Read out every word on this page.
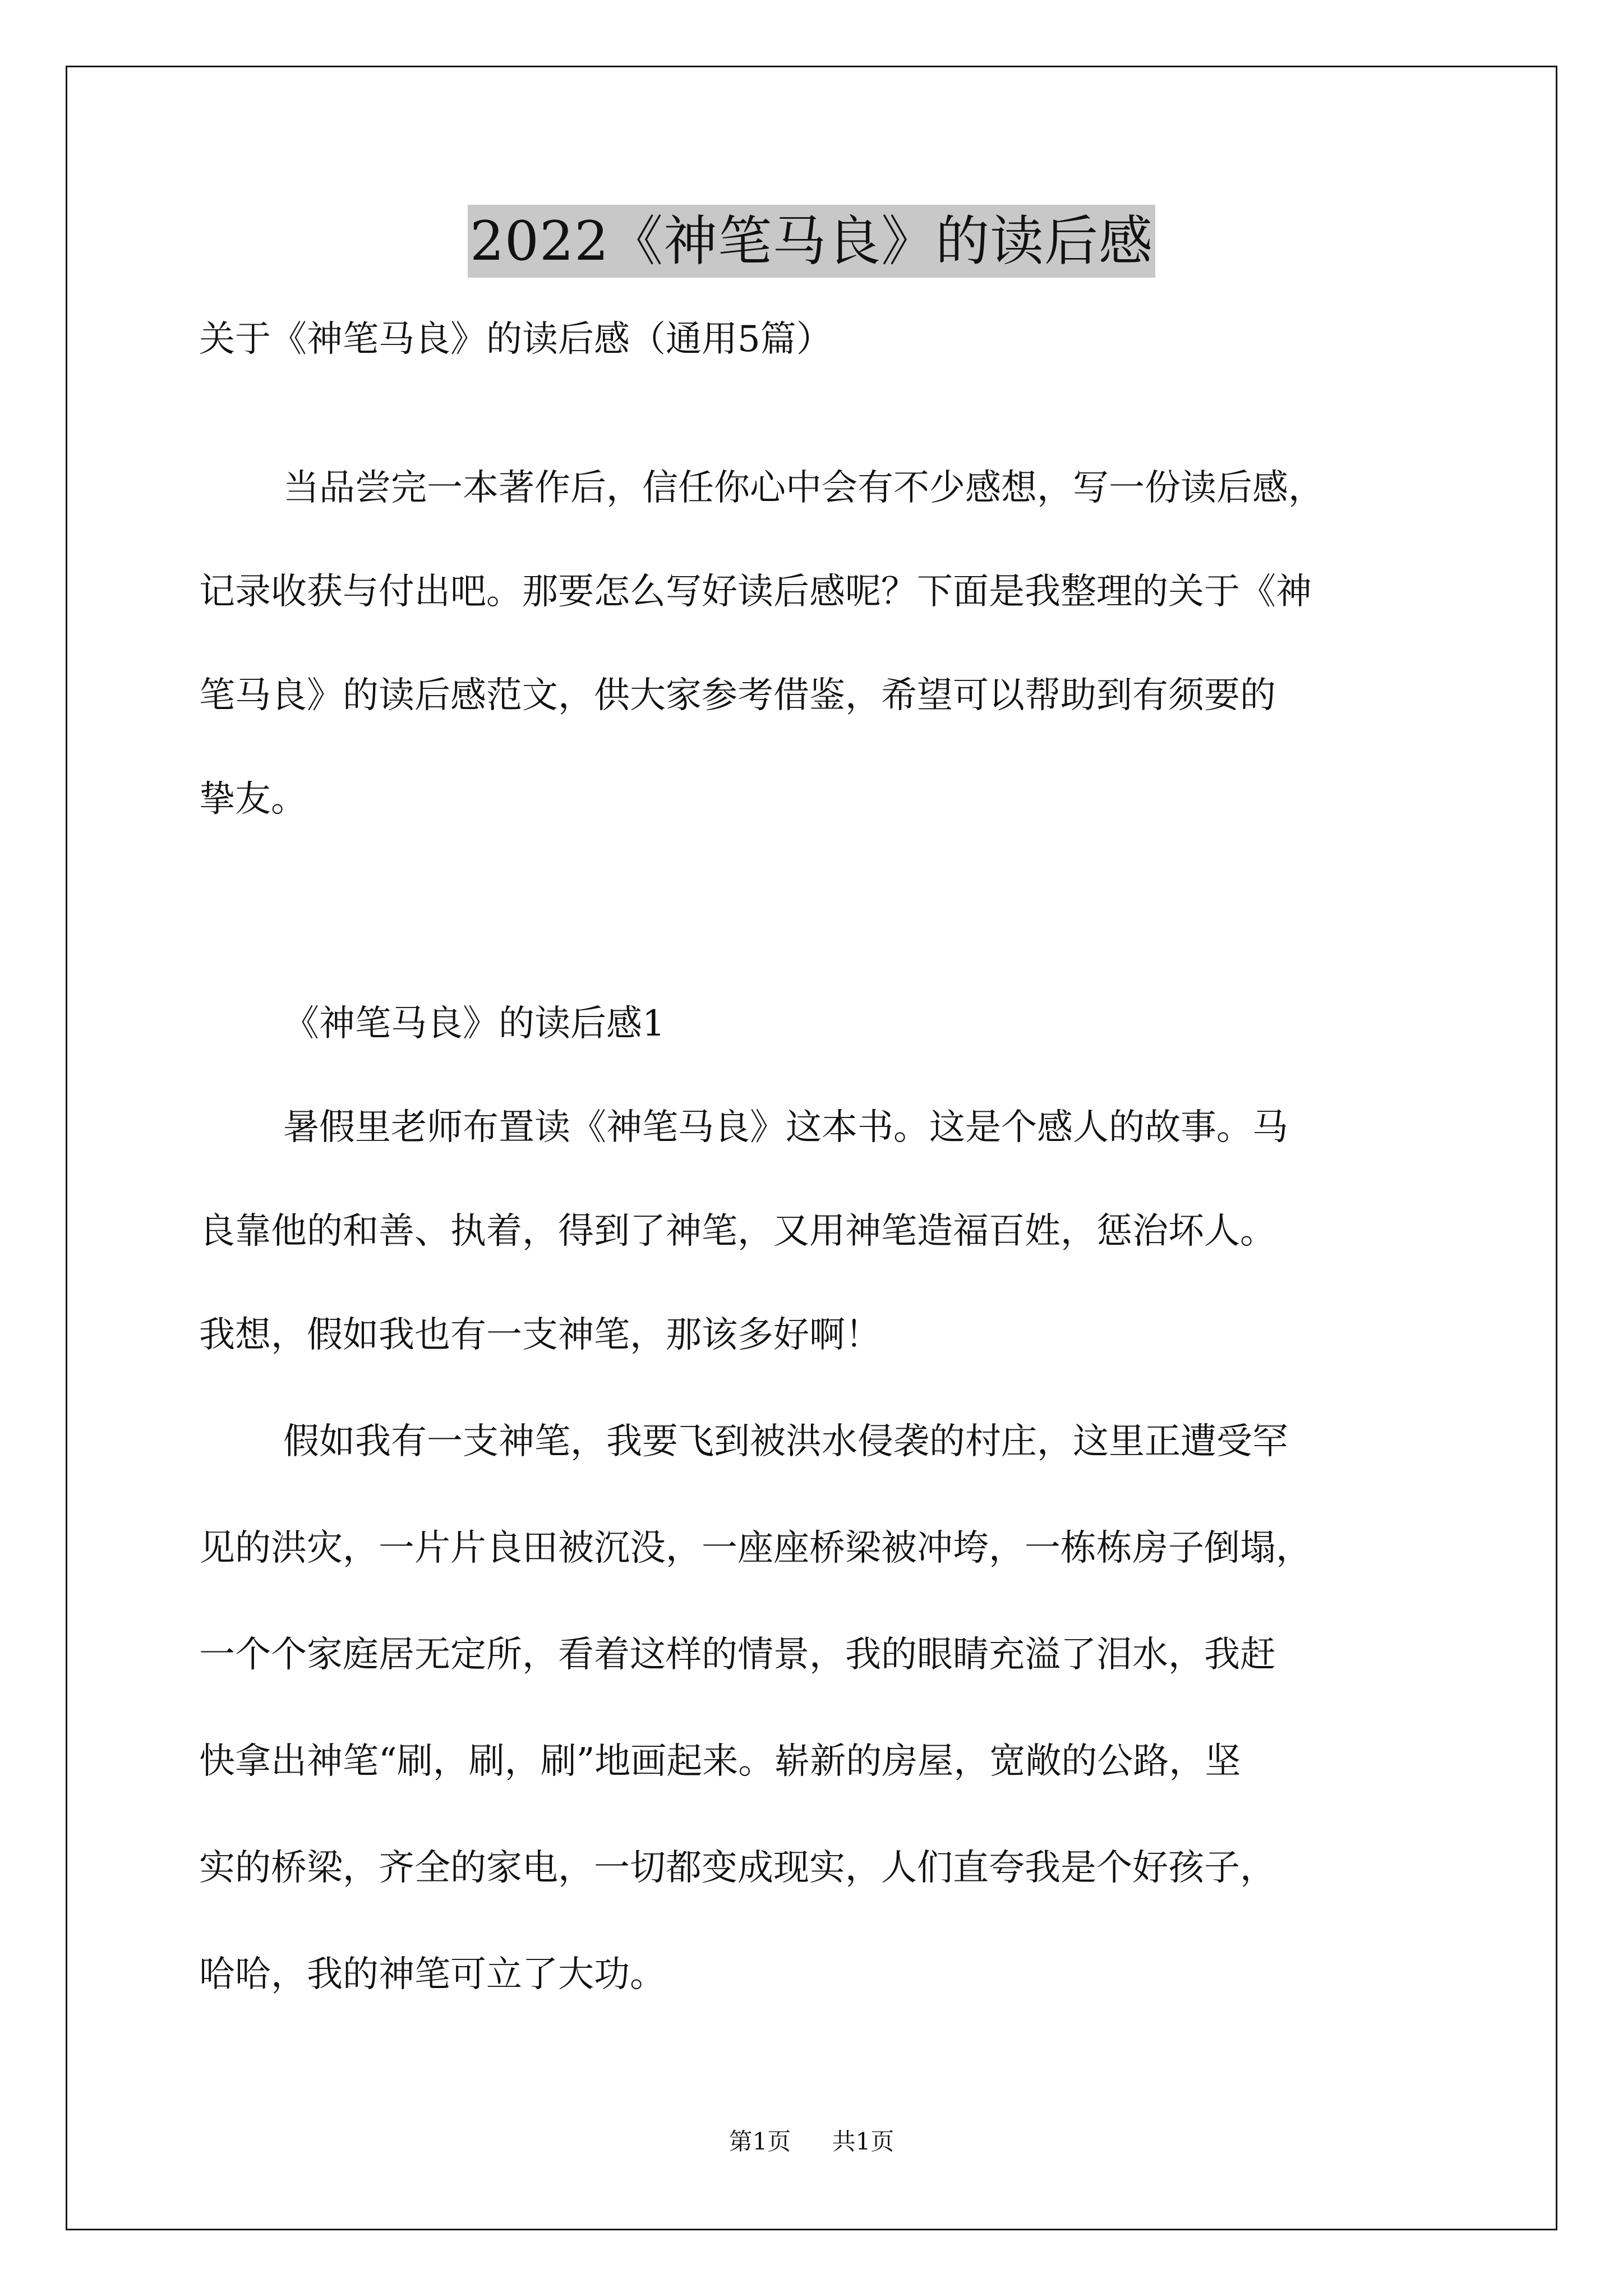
2022《神笔马良》的读后感
关于《神笔马良》的读后感（通用5篇）
当品尝完一本著作后，信任你心中会有不少感想，写一份读后感，
记录收获与付出吧。那要怎么写好读后感呢？下面是我整理的关于《神
笔马良》的读后感范文，供大家参考借鉴，希望可以帮助到有须要的
挚友。
《神笔马良》的读后感1
暑假里老师布置读《神笔马良》这本书。这是个感人的故事。马
良靠他的和善、执着，得到了神笔，又用神笔造福百姓，惩治坏人。
我想，假如我也有一支神笔，那该多好啊！
假如我有一支神笔，我要飞到被洪水侵袭的村庄，这里正遭受罕
见的洪灾，一片片良田被沉没，一座座桥梁被冲垮，一栋栋房子倒塌，
一个个家庭居无定所，看着这样的情景，我的眼睛充溢了泪水，我赶
快拿出神笔“刷，刷，刷”地画起来。崭新的房屋，宽敞的公路，坚
实的桥梁，齐全的家电，一切都变成现实，人们直夸我是个好孩子，
哈哈，我的神笔可立了大功。
第1页 共1页
